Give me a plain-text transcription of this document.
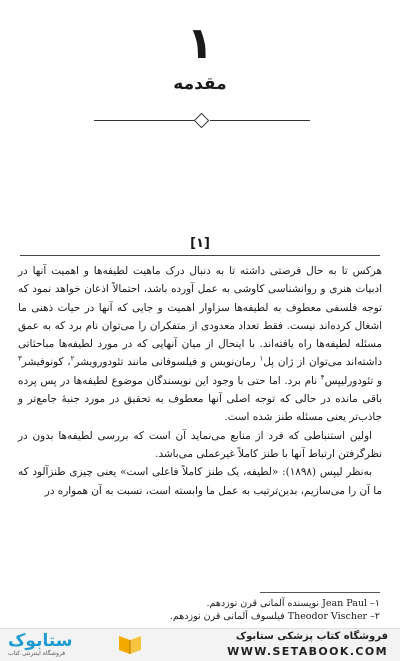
۱
مقدمه
[۱]

هرکس تا به حال فرصتی داشته تا به دنبال درک ماهیت لطیفه‌ها و اهمیت آنها در ادبیات هنری و روانشناسی کاوشی به عمل آورده باشد، احتمالاً اذعان خواهد نمود که توجه فلسفی معطوف به لطیفه‌ها سزاوار اهمیت و جایی که آنها در حیات ذهنی ما اشغال کرده‌اند نیست. فقط تعداد معدودی از متفکران را می‌توان نام برد که به عمق مسئله لطیفه‌ها راه یافته‌اند. با اینحال از میان آنهایی که در مورد لطیفه‌ها مباحثاتی داشته‌اند می‌توان از ژان پل$^۱$ رمان‌نویس و فیلسوفانی مانند تئودورویشر$^۲$، کونوفیشر$^۳$ و تئودورلیپس$^۴$ نام برد. اما حتی با وجود این نویسندگان موضوع لطیفه‌ها در پس پرده باقی مانده در حالی که توجه اصلی آنها معطوف به تحقیق در مورد جنبۀ جامع‌تر و جاذب‌تر یعنی مسئله طنز شده است.

اولین استنباطی که فرد از منابع می‌نماید آن است که بررسی لطیفه‌ها بدون در نظرگرفتن ارتباط آنها با طنز کاملاً غیرعملی می‌باشد.

به‌نظر لیپس (۱۸۹۸): «لطیفه، یک طنز کاملاً فاعلی است» یعنی چیزی طنزآلود که ما آن را می‌سازیم، بدین‌ترتیب به عمل ما وابسته است، نسبت به آن همواره در

۱– Jean Paul نویسنده آلمانی قرن نوزدهم.
۲– Theodor Vischer فیلسوف آلمانی قرن نوزدهم.
ستابوک
فروشگاه اینترنتی کتاب
فروشگاه کتاب پزشکی ستابوک
WWW.SETABOOK.COM
